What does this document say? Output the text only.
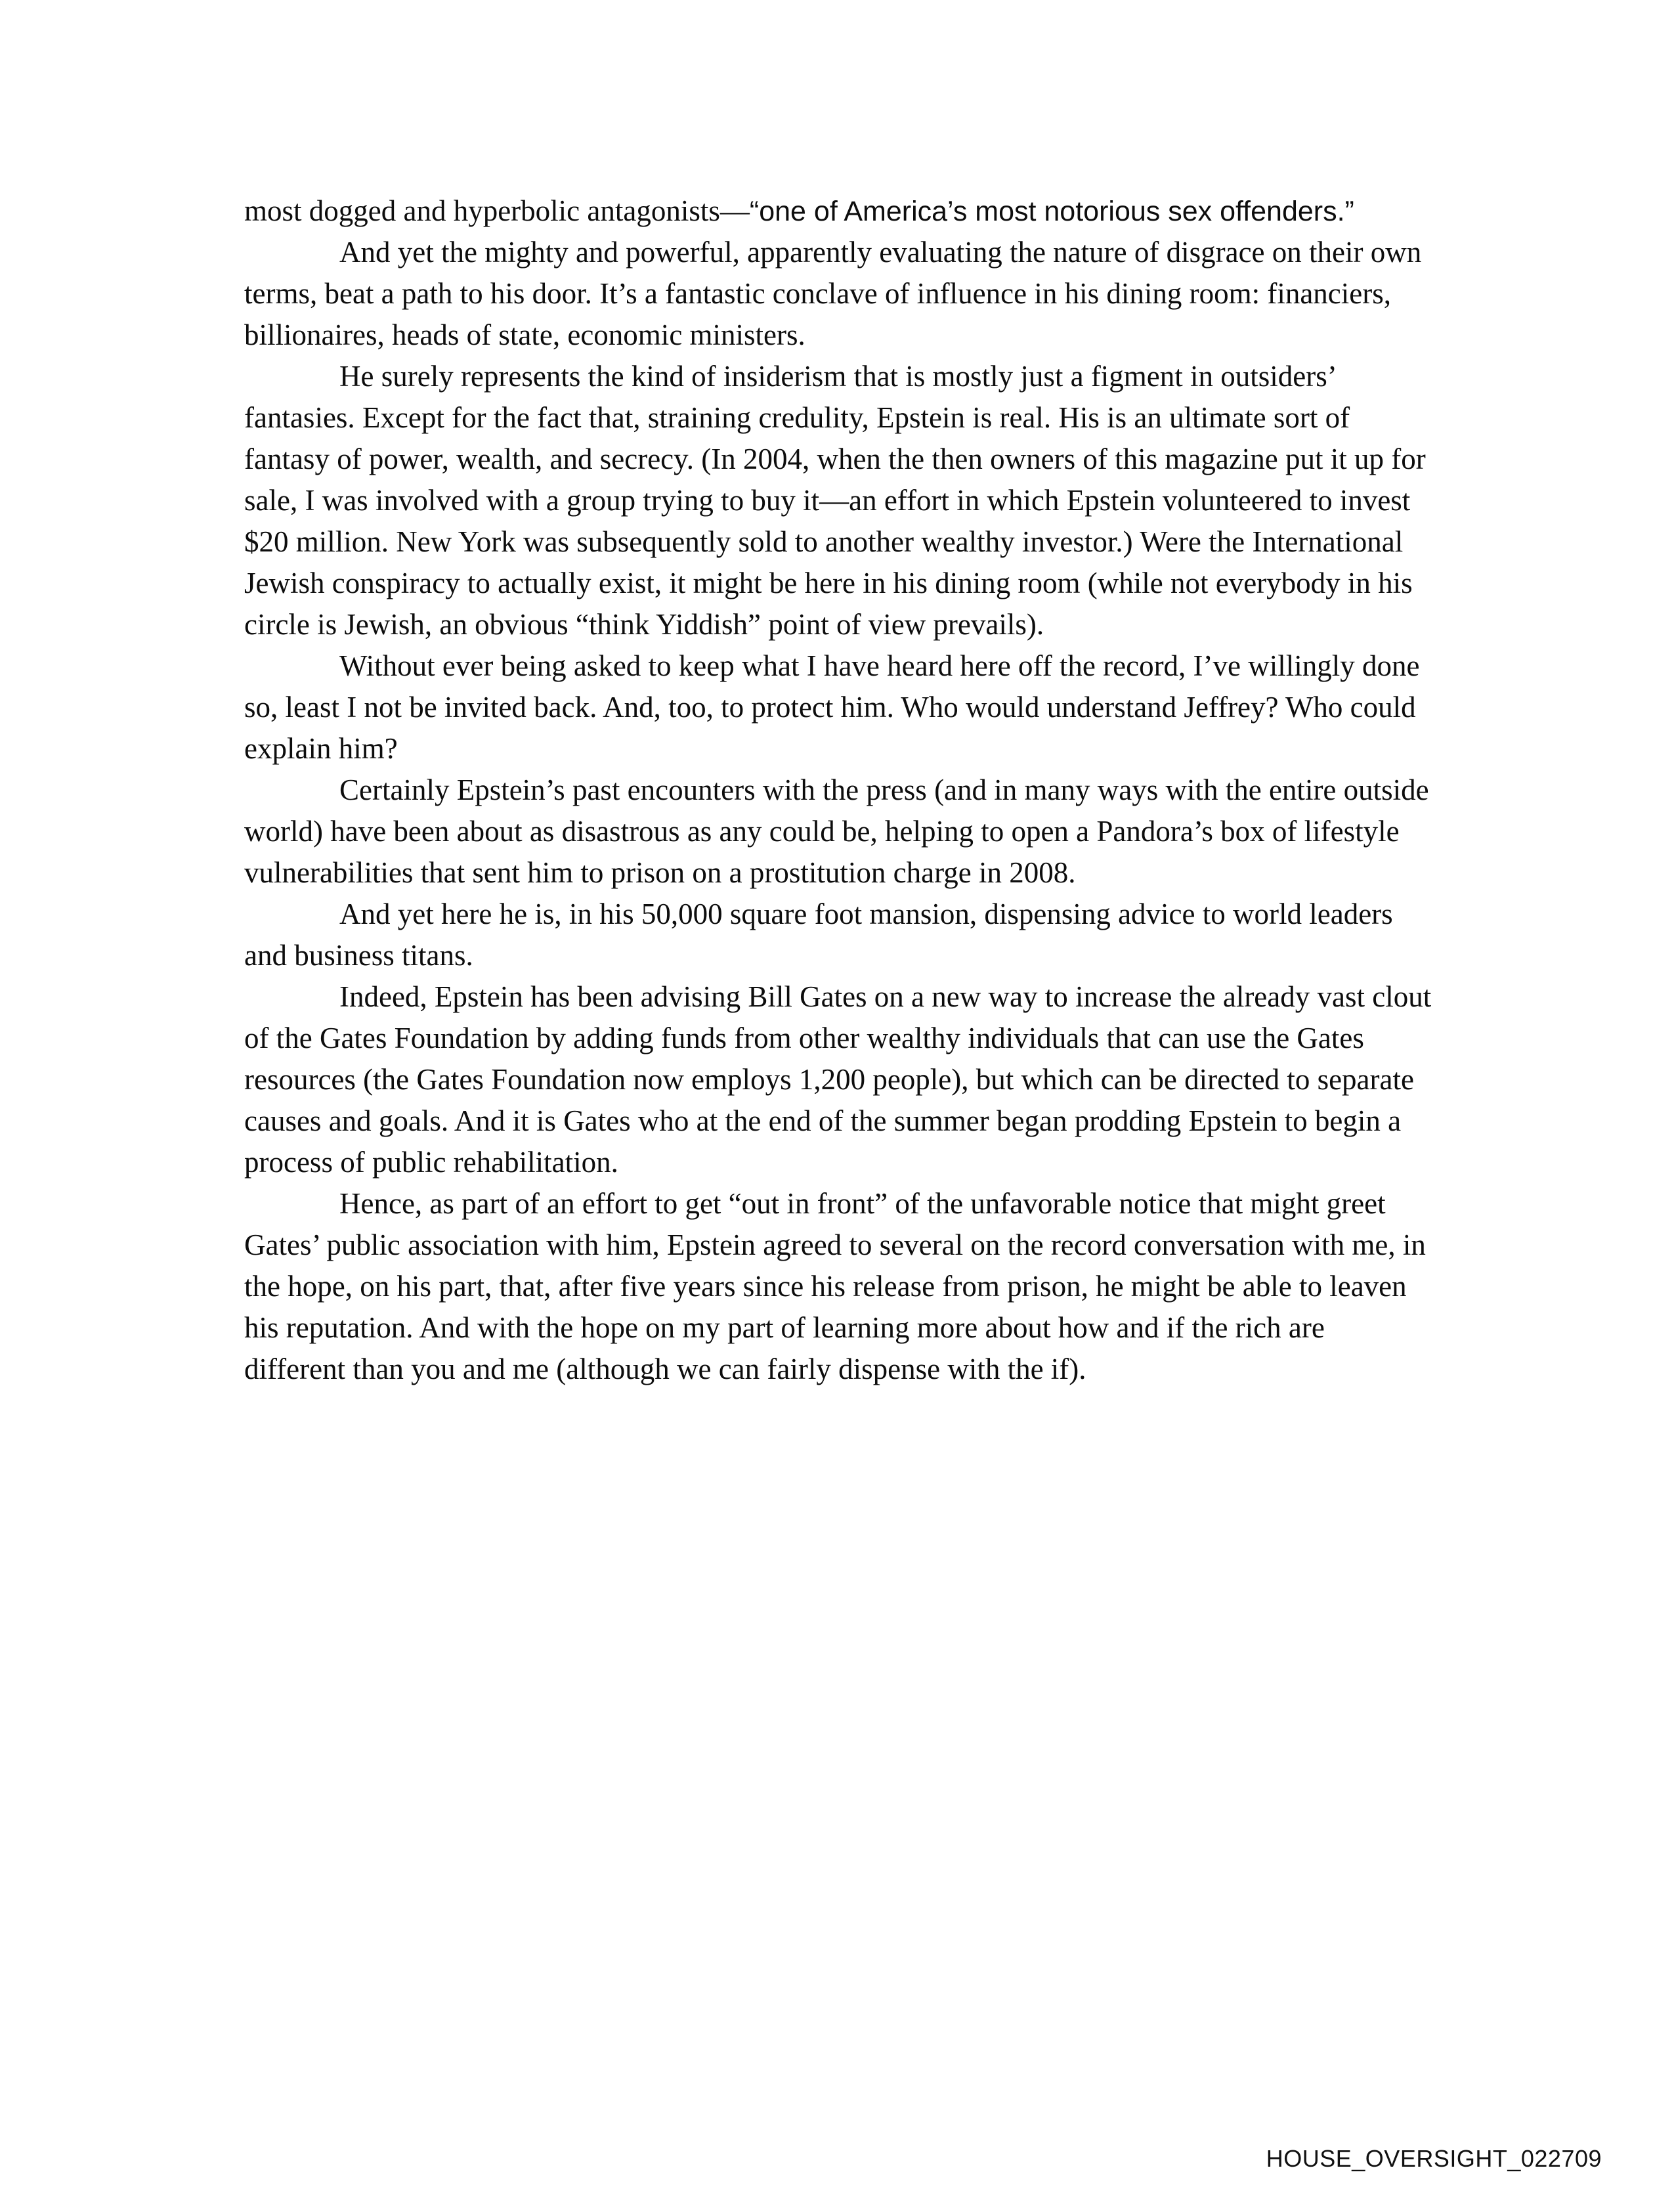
most dogged and hyperbolic antagonists—“one of America’s most notorious sex offenders.”

And yet the mighty and powerful, apparently evaluating the nature of disgrace on their own terms, beat a path to his door. It’s a fantastic conclave of influence in his dining room: financiers, billionaires, heads of state, economic ministers.

He surely represents the kind of insiderism that is mostly just a figment in outsiders’ fantasies. Except for the fact that, straining credulity, Epstein is real. His is an ultimate sort of fantasy of power, wealth, and secrecy. (In 2004, when the then owners of this magazine put it up for sale, I was involved with a group trying to buy it—an effort in which Epstein volunteered to invest $20 million. New York was subsequently sold to another wealthy investor.) Were the International Jewish conspiracy to actually exist, it might be here in his dining room (while not everybody in his circle is Jewish, an obvious “think Yiddish” point of view prevails).

Without ever being asked to keep what I have heard here off the record, I’ve willingly done so, least I not be invited back. And, too, to protect him. Who would understand Jeffrey? Who could explain him?

Certainly Epstein’s past encounters with the press (and in many ways with the entire outside world) have been about as disastrous as any could be, helping to open a Pandora’s box of lifestyle vulnerabilities that sent him to prison on a prostitution charge in 2008.

And yet here he is, in his 50,000 square foot mansion, dispensing advice to world leaders and business titans.

Indeed, Epstein has been advising Bill Gates on a new way to increase the already vast clout of the Gates Foundation by adding funds from other wealthy individuals that can use the Gates resources (the Gates Foundation now employs 1,200 people), but which can be directed to separate causes and goals. And it is Gates who at the end of the summer began prodding Epstein to begin a process of public rehabilitation.

Hence, as part of an effort to get “out in front” of the unfavorable notice that might greet Gates’ public association with him, Epstein agreed to several on the record conversation with me, in the hope, on his part, that, after five years since his release from prison, he might be able to leaven his reputation. And with the hope on my part of learning more about how and if the rich are different than you and me (although we can fairly dispense with the if).

HOUSE_OVERSIGHT_022709
